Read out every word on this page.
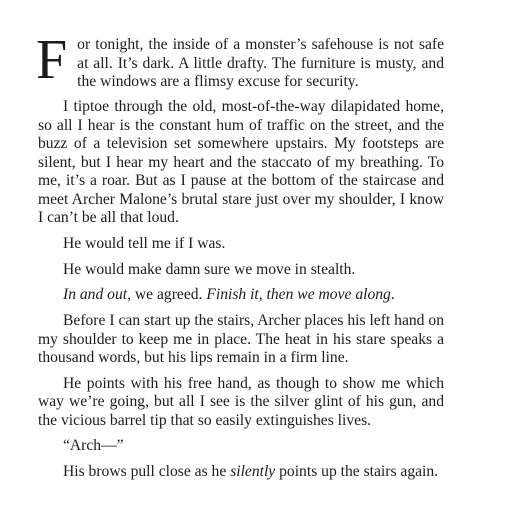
F or tonight, the inside of a monster’s safehouse is not safe at all. It’s dark. A little drafty. The furniture is musty, and the windows are a flimsy excuse for security.

I tiptoe through the old, most-of-the-way dilapidated home, so all I hear is the constant hum of traffic on the street, and the buzz of a television set somewhere upstairs. My footsteps are silent, but I hear my heart and the staccato of my breathing. To me, it’s a roar. But as I pause at the bottom of the staircase and meet Archer Malone’s brutal stare just over my shoulder, I know I can’t be all that loud.

He would tell me if I was.

He would make damn sure we move in stealth.

In and out, we agreed. Finish it, then we move along.

Before I can start up the stairs, Archer places his left hand on my shoulder to keep me in place. The heat in his stare speaks a thousand words, but his lips remain in a firm line.

He points with his free hand, as though to show me which way we’re going, but all I see is the silver glint of his gun, and the vicious barrel tip that so easily extinguishes lives.

“Arch—”

His brows pull close as he silently points up the stairs again.
